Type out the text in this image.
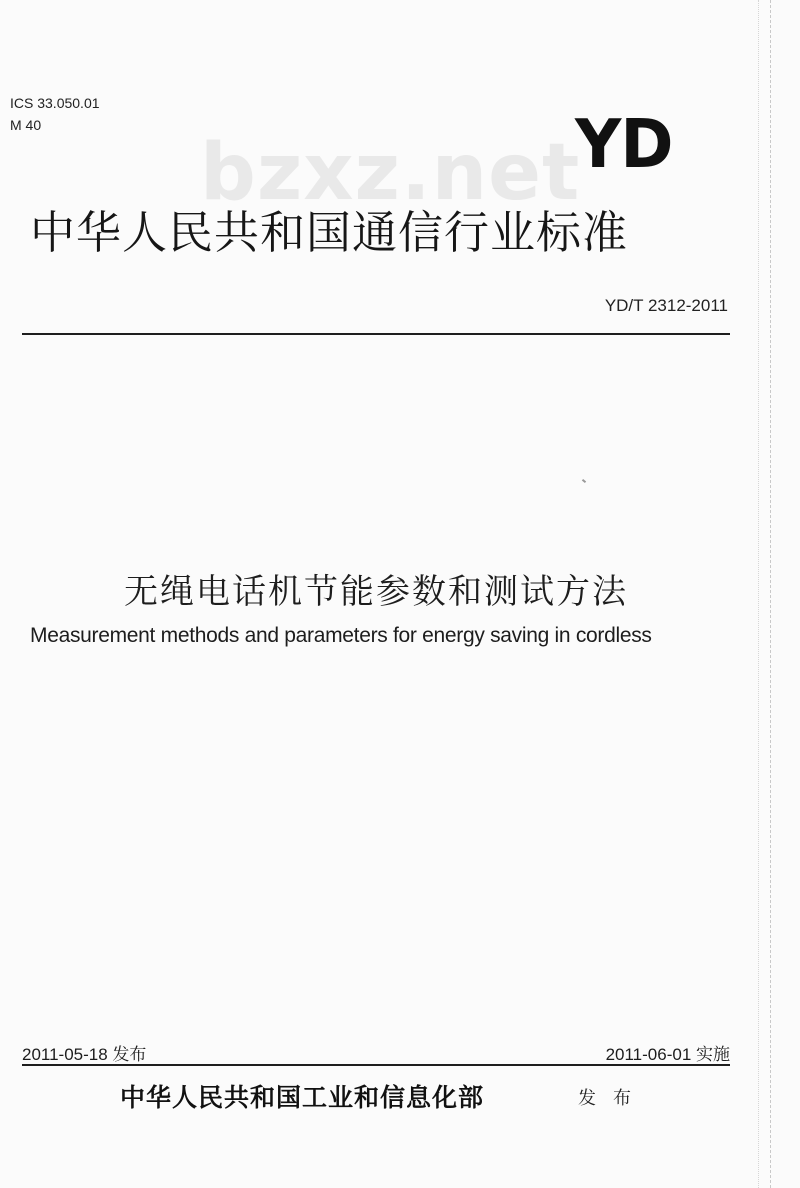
ICS 33.050.01
M 40
bzxz.net
YD
中华人民共和国通信行业标准
YD/T 2312-2011
无绳电话机节能参数和测试方法
Measurement methods and parameters for energy saving in cordless
2011-05-18 发布	2011-06-01 实施
中华人民共和国工业和信息化部	发 布
